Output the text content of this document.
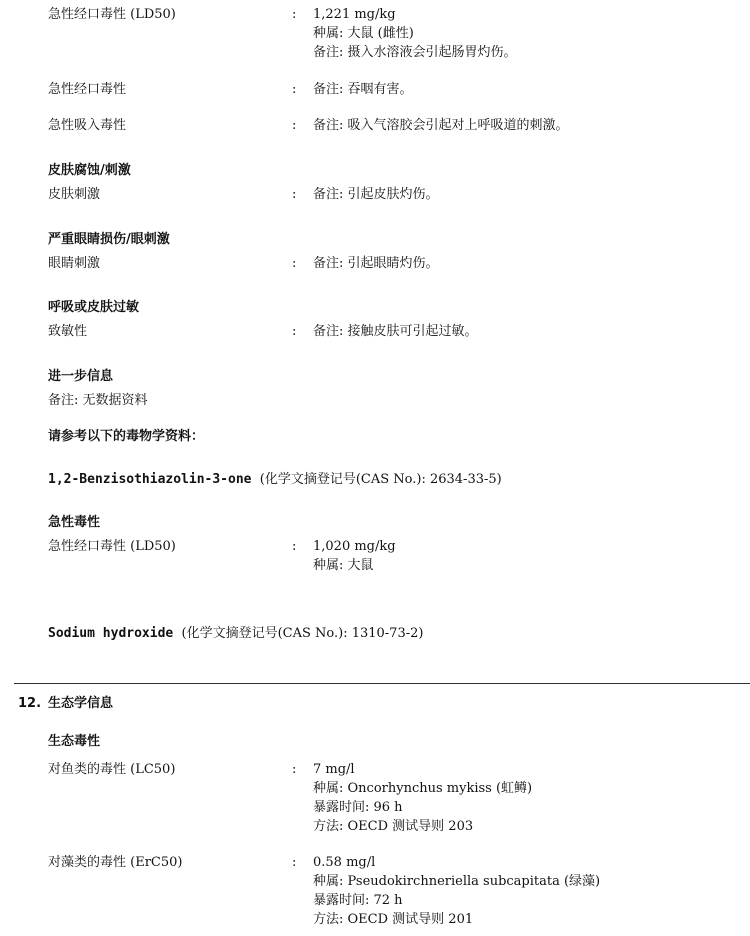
急性经口毒性 (LD50)	: 1,221 mg/kg
种属: 大鼠 (雌性)
备注: 摄入水溶液会引起肠胃灼伤。
急性经口毒性	: 备注: 吞咽有害。
急性吸入毒性	: 备注: 吸入气溶胶会引起对上呼吸道的刺激。
皮肤腐蚀/刺激
皮肤刺激	: 备注: 引起皮肤灼伤。
严重眼睛损伤/眼刺激
眼睛刺激	: 备注: 引起眼睛灼伤。
呼吸或皮肤过敏
致敏性	: 备注: 接触皮肤可引起过敏。
进一步信息
备注: 无数据资料
请参考以下的毒物学资料：
1,2-Benzisothiazolin-3-one (化学文摘登记号(CAS No.): 2634-33-5)
急性毒性
急性经口毒性 (LD50)	: 1,020 mg/kg
种属: 大鼠
Sodium hydroxide (化学文摘登记号(CAS No.): 1310-73-2)
12. 生态学信息
生态毒性
对鱼类的毒性 (LC50)	: 7 mg/l
种属: Oncorhynchus mykiss (虹鳟)
暴露时间: 96 h
方法: OECD 测试导则 203
对藻类的毒性 (ErC50)	: 0.58 mg/l
种属: Pseudokirchneriella subcapitata (绿藻)
暴露时间: 72 h
方法: OECD 测试导则 201
